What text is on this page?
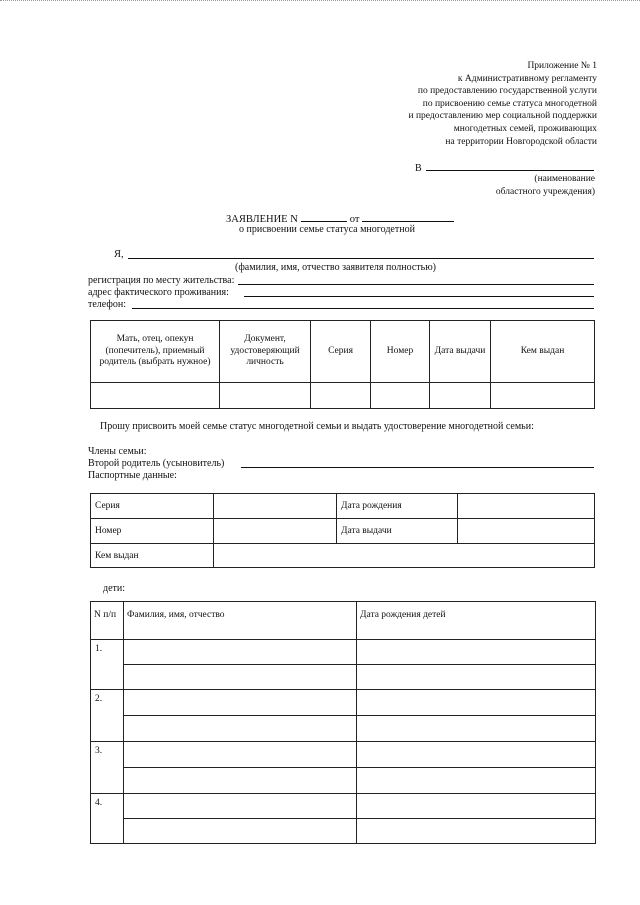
Приложение № 1
к Административному регламенту
по предоставлению государственной услуги
по присвоению семье статуса многодетной
и предоставлению мер социальной поддержки
многодетных семей, проживающих
на территории Новгородской области
В
(наименование
областного учреждения)
ЗАЯВЛЕНИЕ N	от
о присвоении семье статуса многодетной
Я,
(фамилия, имя, отчество заявителя полностью)
регистрация по месту жительства:
адрес фактического проживания:
телефон:
Мать, отец, опекун (попечитель), приемный родитель (выбрать нужное)	Документ, удостоверяющий личность	Серия	Номер	Дата выдачи	Кем выдан

Прошу присвоить моей семье статус многодетной семьи и выдать удостоверение многодетной семьи:
Члены семьи:
Второй родитель (усыновитель)
Паспортные данные:
Серия		Дата рождения	
Номер		Дата выдачи	
Кем выдан			
дети:
N п/п	Фамилия, имя, отчество	Дата рождения детей
1.		

2.		

3.		

4.		
